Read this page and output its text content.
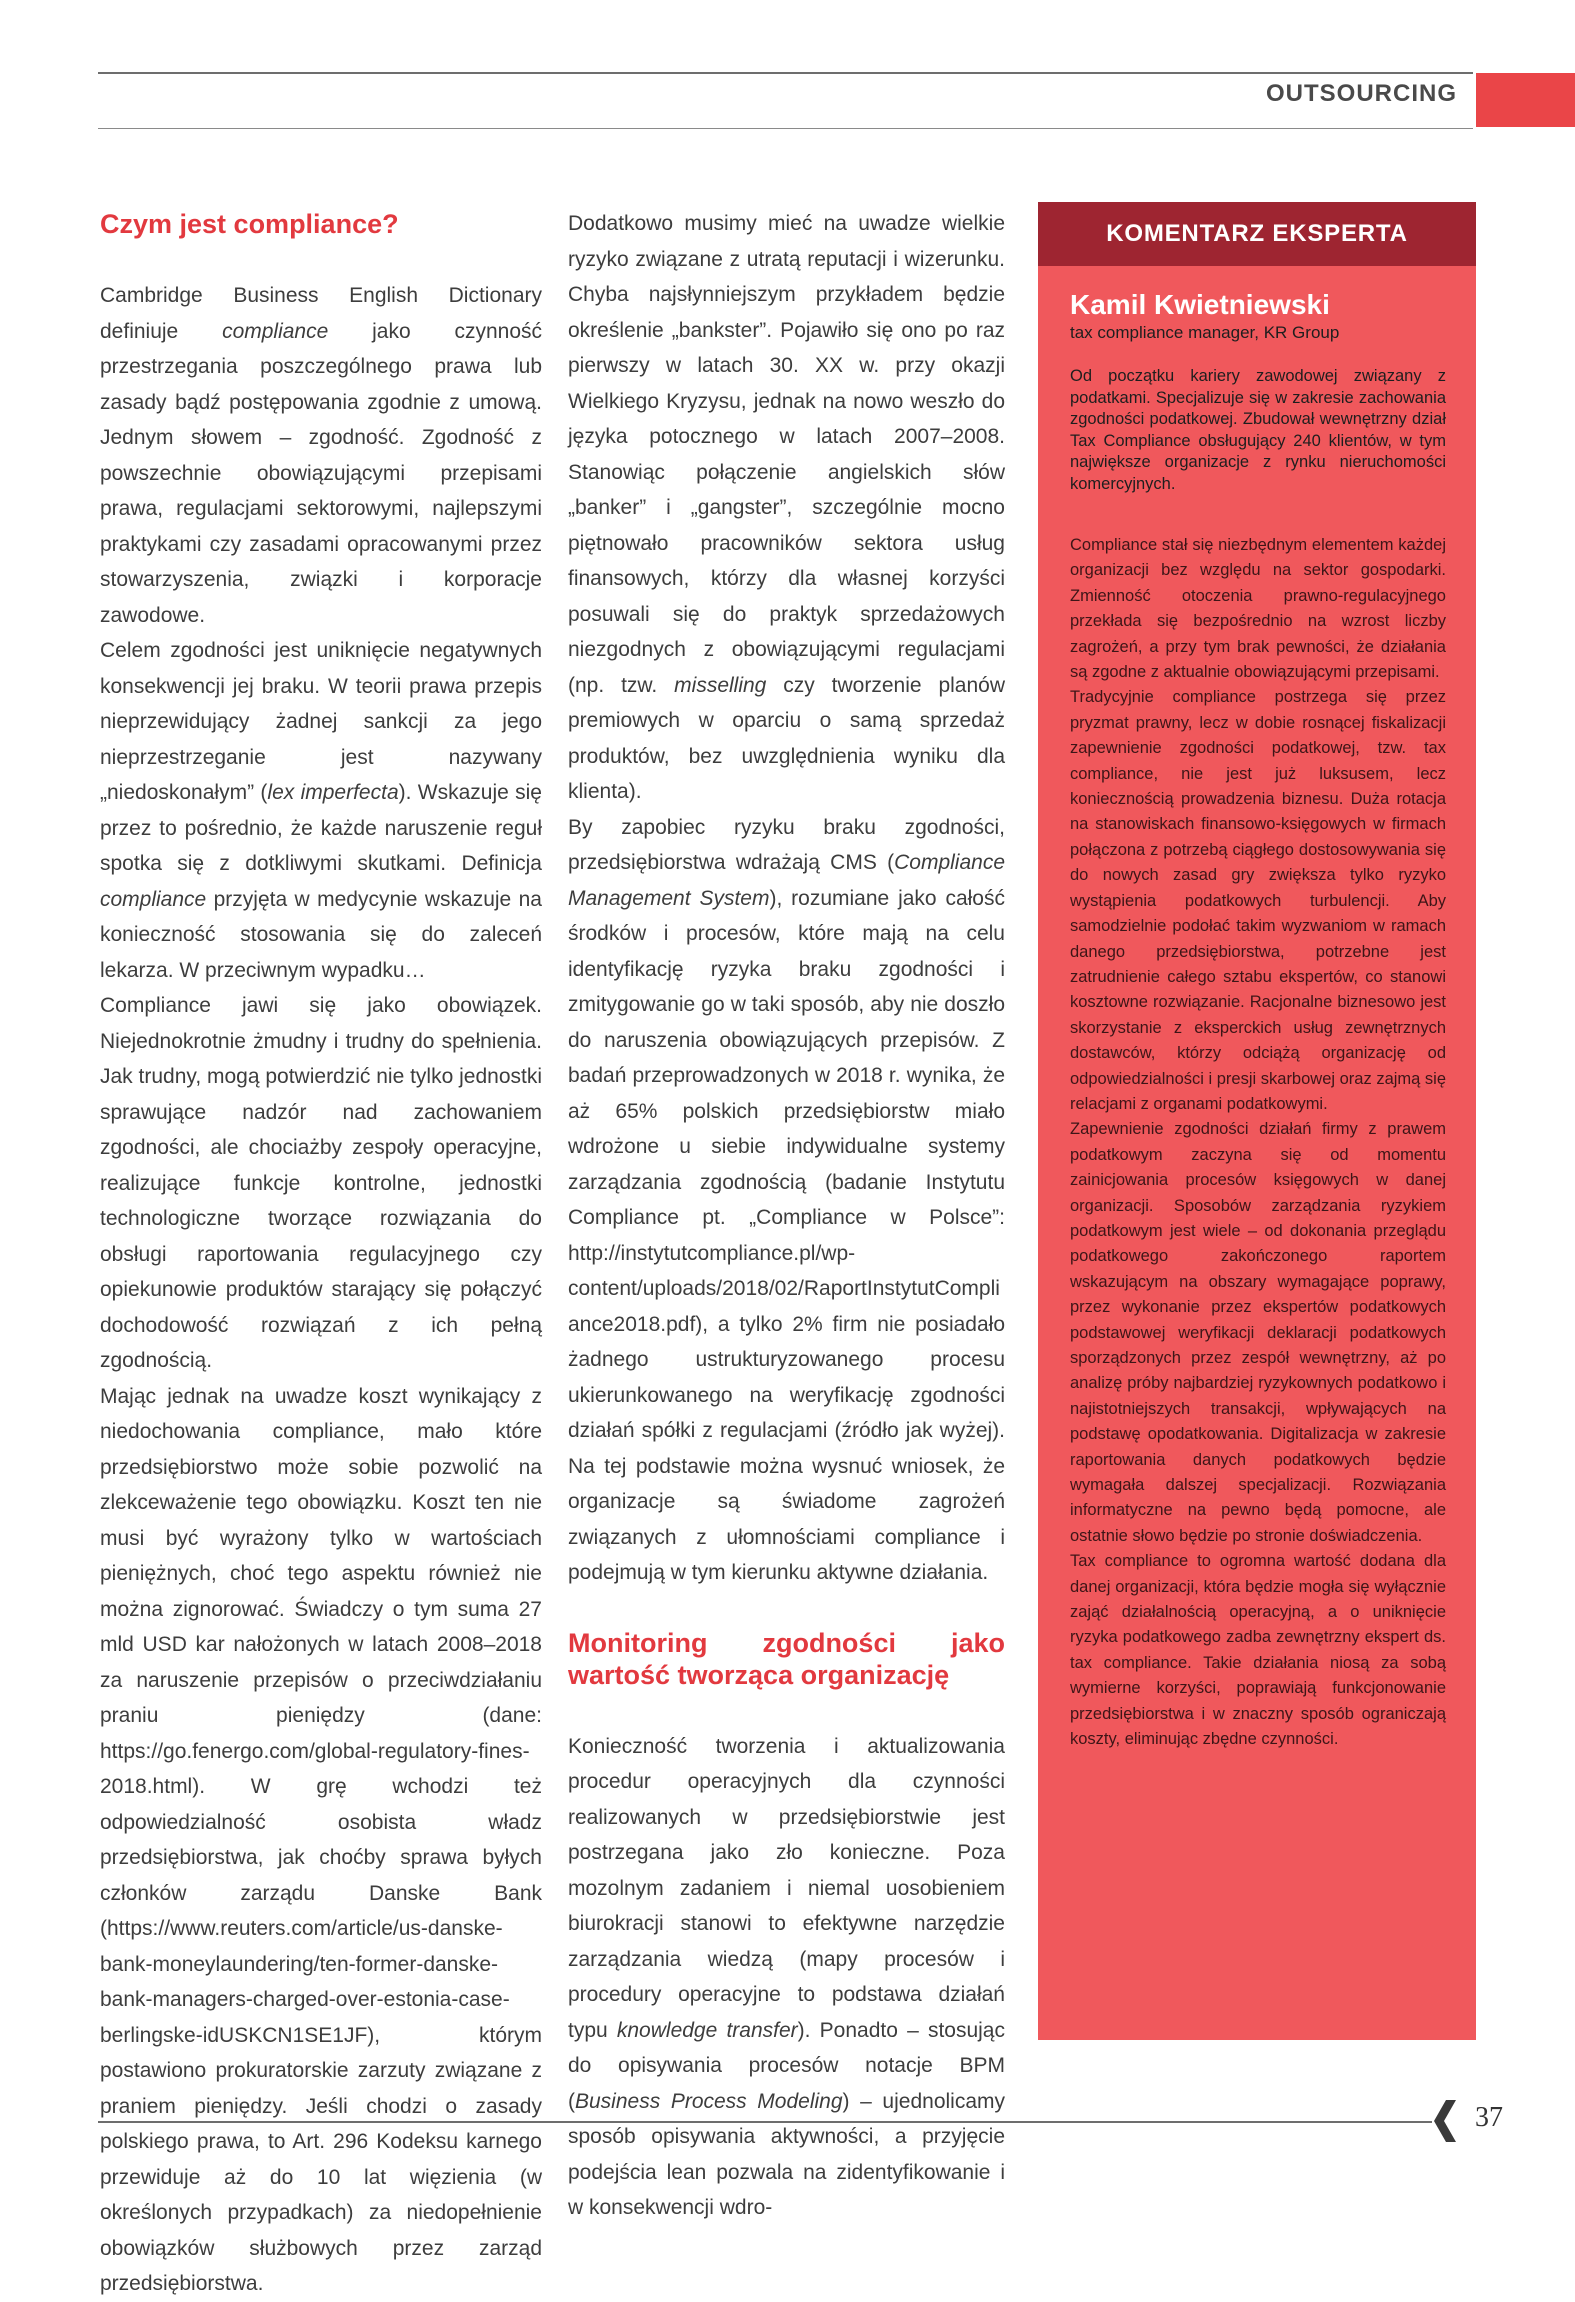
OUTSOURCING
Czym jest compliance?

Cambridge Business English Dictionary definiuje compliance jako czynność przestrzegania poszczególnego prawa lub zasady bądź postępowania zgodnie z umową. Jednym słowem – zgodność. Zgodność z powszechnie obowiązującymi przepisami prawa, regulacjami sektorowymi, najlepszymi praktykami czy zasadami opracowanymi przez stowarzyszenia, związki i korporacje zawodowe.

Celem zgodności jest uniknięcie negatywnych konsekwencji jej braku. W teorii prawa przepis nieprzewidujący żadnej sankcji za jego nieprzestrzeganie jest nazywany „niedoskonałym” (lex imperfecta). Wskazuje się przez to pośrednio, że każde naruszenie reguł spotka się z dotkliwymi skutkami. Definicja compliance przyjęta w medycynie wskazuje na konieczność stosowania się do zaleceń lekarza. W przeciwnym wypadku…

Compliance jawi się jako obowiązek. Niejednokrotnie żmudny i trudny do spełnienia. Jak trudny, mogą potwierdzić nie tylko jednostki sprawujące nadzór nad zachowaniem zgodności, ale chociażby zespoły operacyjne, realizujące funkcje kontrolne, jednostki technologiczne tworzące rozwiązania do obsługi raportowania regulacyjnego czy opiekunowie produktów starający się połączyć dochodowość rozwiązań z ich pełną zgodnością.

Mając jednak na uwadze koszt wynikający z niedochowania compliance, mało które przedsiębiorstwo może sobie pozwolić na zlekceważenie tego obowiązku. Koszt ten nie musi być wyrażony tylko w wartościach pieniężnych, choć tego aspektu również nie można zignorować. Świadczy o tym suma 27 mld USD kar nałożonych w latach 2008–2018 za naruszenie przepisów o przeciwdziałaniu praniu pieniędzy (dane: https://go.fenergo.com/global-regulatory-fines-2018.html). W grę wchodzi też odpowiedzialność osobista władz przedsiębiorstwa, jak choćby sprawa byłych członków zarządu Danske Bank (https://www.reuters.com/article/us-danske-bank-moneylaundering/ten-former-danske-bank-managers-charged-over-estonia-case-berlingske-idUSKCN1SE1JF), którym postawiono prokuratorskie zarzuty związane z praniem pieniędzy. Jeśli chodzi o zasady polskiego prawa, to Art. 296 Kodeksu karnego przewiduje aż do 10 lat więzienia (w określonych przypadkach) za niedopełnienie obowiązków służbowych przez zarząd przedsiębiorstwa.

Dodatkowo musimy mieć na uwadze wielkie ryzyko związane z utratą reputacji i wizerunku. Chyba najsłynniejszym przykładem będzie określenie „bankster”. Pojawiło się ono po raz pierwszy w latach 30. XX w. przy okazji Wielkiego Kryzysu, jednak na nowo weszło do języka potocznego w latach 2007–2008. Stanowiąc połączenie angielskich słów „banker” i „gangster”, szczególnie mocno piętnowało pracowników sektora usług finansowych, którzy dla własnej korzyści posuwali się do praktyk sprzedażowych niezgodnych z obowiązującymi regulacjami (np. tzw. misselling czy tworzenie planów premiowych w oparciu o samą sprzedaż produktów, bez uwzględnienia wyniku dla klienta).

By zapobiec ryzyku braku zgodności, przedsiębiorstwa wdrażają CMS (Compliance Management System), rozumiane jako całość środków i procesów, które mają na celu identyfikację ryzyka braku zgodności i zmitygowanie go w taki sposób, aby nie doszło do naruszenia obowiązujących przepisów. Z badań przeprowadzonych w 2018 r. wynika, że aż 65% polskich przedsiębiorstw miało wdrożone u siebie indywidualne systemy zarządzania zgodnością (badanie Instytutu Compliance pt. „Compliance w Polsce”: http://instytutcompliance.pl/wp-content/uploads/2018/02/RaportInstytutCompliance2018.pdf), a tylko 2% firm nie posiadało żadnego ustrukturyzowanego procesu ukierunkowanego na weryfikację zgodności działań spółki z regulacjami (źródło jak wyżej). Na tej podstawie można wysnuć wniosek, że organizacje są świadome zagrożeń związanych z ułomnościami compliance i podejmują w tym kierunku aktywne działania.

Monitoring zgodności jako wartość tworząca organizację

Konieczność tworzenia i aktualizowania procedur operacyjnych dla czynności realizowanych w przedsiębiorstwie jest postrzegana jako zło konieczne. Poza mozolnym zadaniem i niemal uosobieniem biurokracji stanowi to efektywne narzędzie zarządzania wiedzą (mapy procesów i procedury operacyjne to podstawa działań typu knowledge transfer). Ponadto – stosując do opisywania procesów notacje BPM (Business Process Modeling) – ujednolicamy sposób opisywania aktywności, a przyjęcie podejścia lean pozwala na zidentyfikowanie i w konsekwencji wdro-

KOMENTARZ EKSPERTA

Kamil Kwietniewski

tax compliance manager, KR Group

Od początku kariery zawodowej związany z podatkami. Specjalizuje się w zakresie zachowania zgodności podatkowej. Zbudował wewnętrzny dział Tax Compliance obsługujący 240 klientów, w tym największe organizacje z rynku nieruchomości komercyjnych.

Compliance stał się niezbędnym elementem każdej organizacji bez względu na sektor gospodarki. Zmienność otoczenia prawno-regulacyjnego przekłada się bezpośrednio na wzrost liczby zagrożeń, a przy tym brak pewności, że działania są zgodne z aktualnie obowiązującymi przepisami.

Tradycyjnie compliance postrzega się przez pryzmat prawny, lecz w dobie rosnącej fiskalizacji zapewnienie zgodności podatkowej, tzw. tax compliance, nie jest już luksusem, lecz koniecznością prowadzenia biznesu. Duża rotacja na stanowiskach finansowo-księgowych w firmach połączona z potrzebą ciągłego dostosowywania się do nowych zasad gry zwiększa tylko ryzyko wystąpienia podatkowych turbulencji. Aby samodzielnie podołać takim wyzwaniom w ramach danego przedsiębiorstwa, potrzebne jest zatrudnienie całego sztabu ekspertów, co stanowi kosztowne rozwiązanie. Racjonalne biznesowo jest skorzystanie z eksperckich usług zewnętrznych dostawców, którzy odciążą organizację od odpowiedzialności i presji skarbowej oraz zajmą się relacjami z organami podatkowymi.

Zapewnienie zgodności działań firmy z prawem podatkowym zaczyna się od momentu zainicjowania procesów księgowych w danej organizacji. Sposobów zarządzania ryzykiem podatkowym jest wiele – od dokonania przeglądu podatkowego zakończonego raportem wskazującym na obszary wymagające poprawy, przez wykonanie przez ekspertów podatkowych podstawowej weryfikacji deklaracji podatkowych sporządzonych przez zespół wewnętrzny, aż po analizę próby najbardziej ryzykownych podatkowo i najistotniejszych transakcji, wpływających na podstawę opodatkowania. Digitalizacja w zakresie raportowania danych podatkowych będzie wymagała dalszej specjalizacji. Rozwiązania informatyczne na pewno będą pomocne, ale ostatnie słowo będzie po stronie doświadczenia.

Tax compliance to ogromna wartość dodana dla danej organizacji, która będzie mogła się wyłącznie zająć działalnością operacyjną, a o uniknięcie ryzyka podatkowego zadba zewnętrzny ekspert ds. tax compliance. Takie działania niosą za sobą wymierne korzyści, poprawiają funkcjonowanie przedsiębiorstwa i w znaczny sposób ograniczają koszty, eliminując zbędne czynności.

37
